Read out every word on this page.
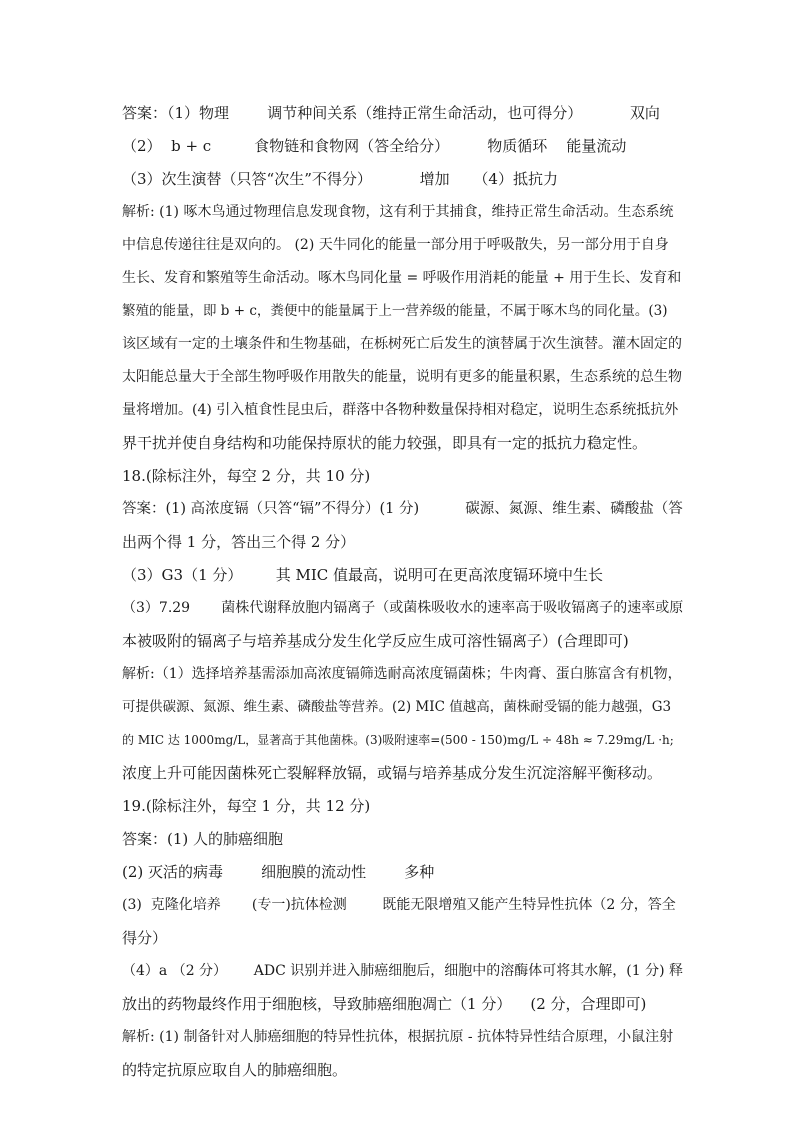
答案：（1）物理        调节种间关系（维持正常生命活动，也可得分）          双向
（2）  b + c         食物链和食物网（答全给分）        物质循环    能量流动
（3）次生演替（只答“次生”不得分）          增加     （4）抵抗力
解析: (1) 啄木鸟通过物理信息发现食物，这有利于其捕食，维持正常生命活动。生态系统
中信息传递往往是双向的。 (2) 天牛同化的能量一部分用于呼吸散失，另一部分用于自身
生长、发育和繁殖等生命活动。啄木鸟同化量 = 呼吸作用消耗的能量 + 用于生长、发育和
繁殖的能量，即 b + c，粪便中的能量属于上一营养级的能量，不属于啄木鸟的同化量。(3)
该区域有一定的土壤条件和生物基础，在栎树死亡后发生的演替属于次生演替。灌木固定的
太阳能总量大于全部生物呼吸作用散失的能量，说明有更多的能量积累，生态系统的总生物
量将增加。(4) 引入植食性昆虫后，群落中各物种数量保持相对稳定，说明生态系统抵抗外
界干扰并使自身结构和功能保持原状的能力较强，即具有一定的抵抗力稳定性。
18.(除标注外，每空 2 分，共 10 分)
答案：(1) 高浓度镉（只答“镉”不得分）(1 分)          碳源、氮源、维生素、磷酸盐（答
出两个得 1 分，答出三个得 2 分）
（3）G3（1 分）       其 MIC 值最高，说明可在更高浓度镉环境中生长
（3）7.29       菌株代谢释放胞内镉离子（或菌株吸收水的速率高于吸收镉离子的速率或原
本被吸附的镉离子与培养基成分发生化学反应生成可溶性镉离子）(合理即可)
解析:（1）选择培养基需添加高浓度镉筛选耐高浓度镉菌株；牛肉膏、蛋白胨富含有机物，
可提供碳源、氮源、维生素、磷酸盐等营养。(2) MIC 值越高，菌株耐受镉的能力越强，G3
的 MIC 达 1000mg/L，显著高于其他菌株。(3)吸附速率=(500 - 150)mg/L ÷ 48h ≈ 7.29mg/L ·h;
浓度上升可能因菌株死亡裂解释放镉，或镉与培养基成分发生沉淀溶解平衡移动。
19.(除标注外，每空 1 分，共 12 分)
答案：(1) 人的肺癌细胞
(2) 灭活的病毒        细胞膜的流动性        多种
(3)  克隆化培养       (专一)抗体检测        既能无限增殖又能产生特异性抗体（2 分，答全
得分）
（4）a （2 分）      ADC 识别并进入肺癌细胞后，细胞中的溶酶体可将其水解，(1 分) 释
放出的药物最终作用于细胞核，导致肺癌细胞凋亡（1 分）    (2 分，合理即可)
解析: (1) 制备针对人肺癌细胞的特异性抗体，根据抗原 - 抗体特异性结合原理，小鼠注射
的特定抗原应取自人的肺癌细胞。
